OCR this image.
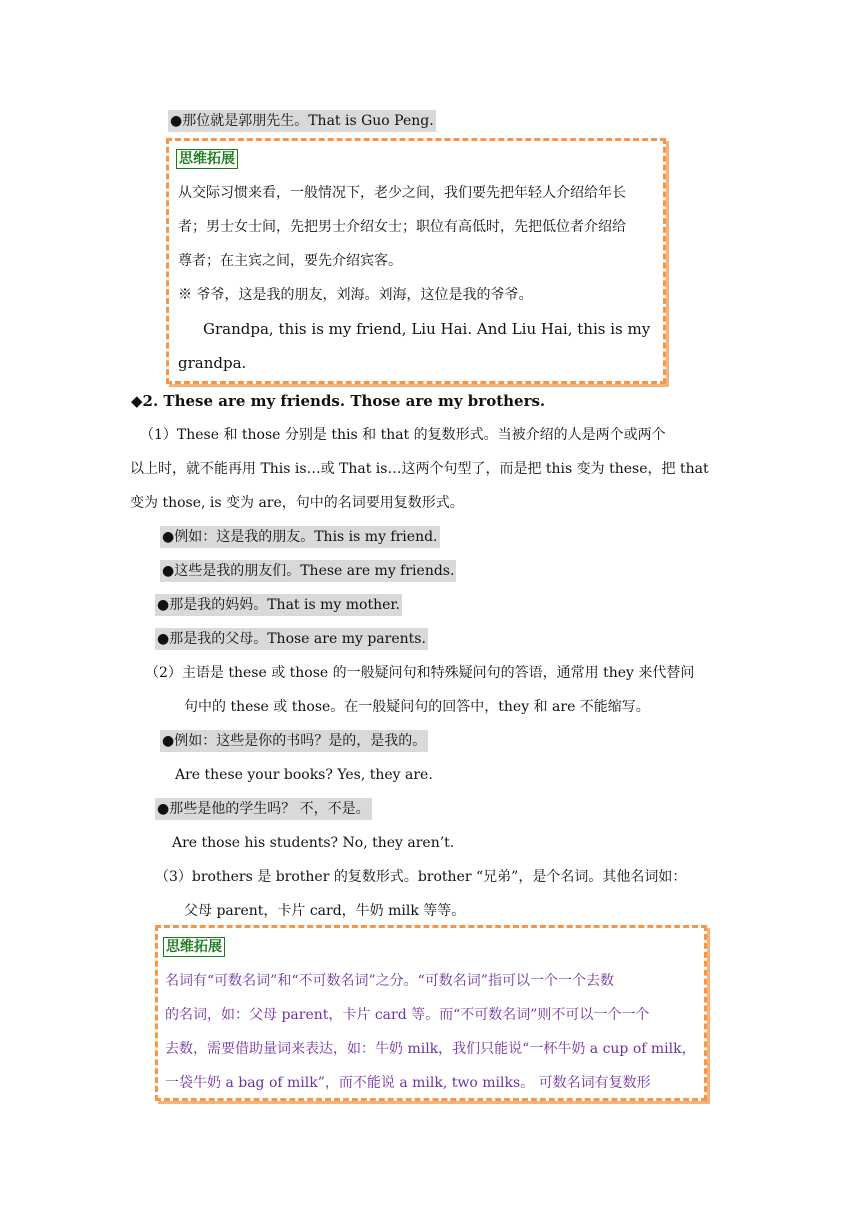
●那位就是郭朋先生。That is Guo Peng.
思维拓展
从交际习惯来看，一般情况下，老少之间，我们要先把年轻人介绍给年长
者；男士女士间，先把男士介绍女士；职位有高低时，先把低位者介绍给
尊者；在主宾之间，要先介绍宾客。
※ 爷爷，这是我的朋友，刘海。刘海，这位是我的爷爷。
Grandpa, this is my friend, Liu Hai. And Liu Hai, this is my
grandpa.
◆2. These are my friends. Those are my brothers.
（1）These 和 those 分别是 this 和 that 的复数形式。当被介绍的人是两个或两个
以上时，就不能再用 This is…或 That is…这两个句型了，而是把 this 变为 these，把 that
变为 those, is 变为 are，句中的名词要用复数形式。
●例如：这是我的朋友。This is my friend.
●这些是我的朋友们。These are my friends.
●那是我的妈妈。That is my mother.
●那是我的父母。Those are my parents.
（2）主语是 these 或 those 的一般疑问句和特殊疑问句的答语，通常用 they 来代替问
句中的 these 或 those。在一般疑问句的回答中，they 和 are 不能缩写。
●例如：这些是你的书吗？是的，是我的。
Are these your books? Yes, they are.
●那些是他的学生吗？ 不，不是。
Are those his students? No, they aren’t.
（3）brothers 是 brother 的复数形式。brother “兄弟”，是个名词。其他名词如：
父母 parent，卡片 card，牛奶 milk 等等。
思维拓展
名词有“可数名词”和“不可数名词”之分。“可数名词”指可以一个一个去数
的名词，如：父母 parent，卡片 card 等。而“不可数名词”则不可以一个一个
去数，需要借助量词来表达，如：牛奶 milk，我们只能说“一杯牛奶 a cup of milk，
一袋牛奶 a bag of milk”，而不能说 a milk, two milks。 可数名词有复数形
